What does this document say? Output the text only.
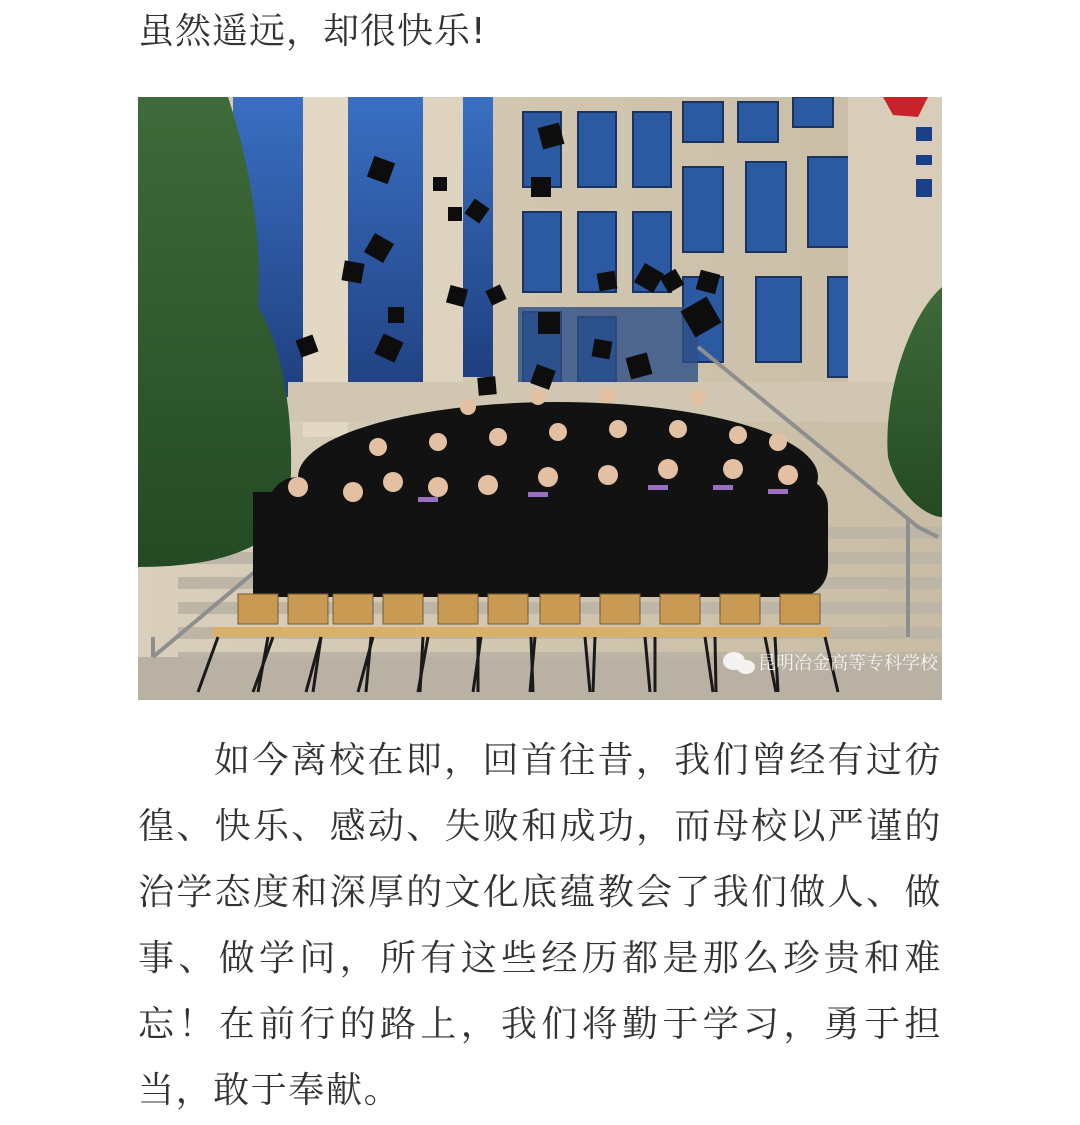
虽然遥远，却很快乐!
昆明冶金高等专科学校

如今离校在即，回首往昔，我们曾经有过彷徨、快乐、感动、失败和成功，而母校以严谨的治学态度和深厚的文化底蕴教会了我们做人、做事、做学问，所有这些经历都是那么珍贵和难忘！在前行的路上，我们将勤于学习，勇于担当，敢于奉献。
